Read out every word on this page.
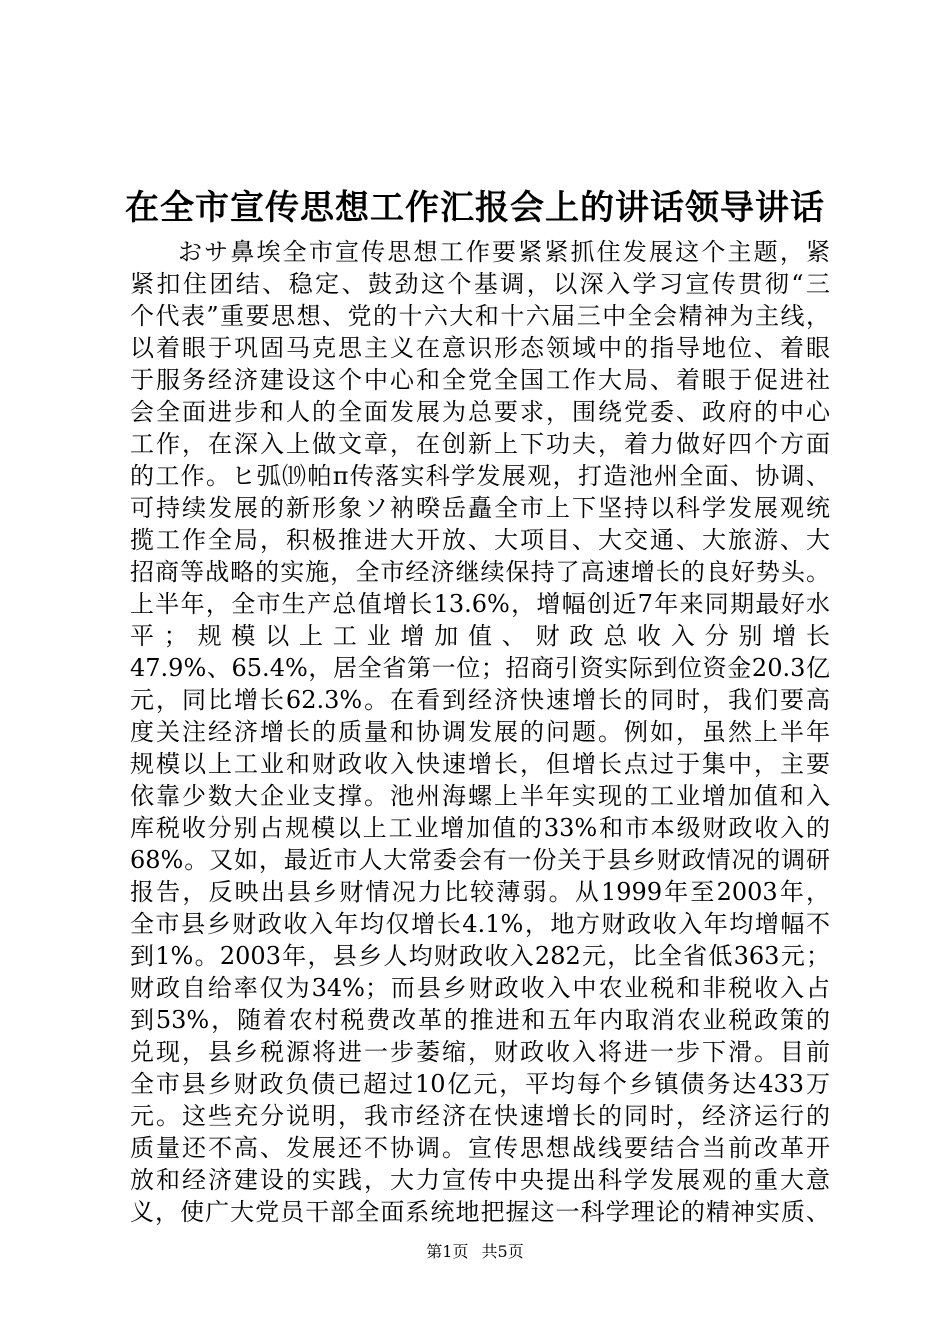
在全市宣传思想工作汇报会上的讲话领导讲话
おサ鼻埃全市宣传思想工作要紧紧抓住发展这个主题，紧
紧扣住团结、稳定、鼓劲这个基调，以深入学习宣传贯彻“三
个代表”重要思想、党的十六大和十六届三中全会精神为主线，
以着眼于巩固马克思主义在意识形态领域中的指导地位、着眼
于服务经济建设这个中心和全党全国工作大局、着眼于促进社
会全面进步和人的全面发展为总要求，围绕党委、政府的中心
工作，在深入上做文章，在创新上下功夫，着力做好四个方面
的工作。ヒ弧⒆帕π传落实科学发展观，打造池州全面、协调、
可持续发展的新形象ソ衲暌岳矗全市上下坚持以科学发展观统
揽工作全局，积极推进大开放、大项目、大交通、大旅游、大
招商等战略的实施，全市经济继续保持了高速增长的良好势头。
上半年，全市生产总值增长13.6%，增幅创近7年来同期最好水
平；规模以上工业增加值、财政总收入分别增长
47.9%、65.4%，居全省第一位；招商引资实际到位资金20.3亿
元，同比增长62.3%。在看到经济快速增长的同时，我们要高
度关注经济增长的质量和协调发展的问题。例如，虽然上半年
规模以上工业和财政收入快速增长，但增长点过于集中，主要
依靠少数大企业支撑。池州海螺上半年实现的工业增加值和入
库税收分别占规模以上工业增加值的33%和市本级财政收入的
68%。又如，最近市人大常委会有一份关于县乡财政情况的调研
报告，反映出县乡财情况力比较薄弱。从1999年至2003年，
全市县乡财政收入年均仅增长4.1%，地方财政收入年均增幅不
到1%。2003年，县乡人均财政收入282元，比全省低363元；
财政自给率仅为34%；而县乡财政收入中农业税和非税收入占
到53%，随着农村税费改革的推进和五年内取消农业税政策的
兑现，县乡税源将进一步萎缩，财政收入将进一步下滑。目前
全市县乡财政负债已超过10亿元，平均每个乡镇债务达433万
元。这些充分说明，我市经济在快速增长的同时，经济运行的
质量还不高、发展还不协调。宣传思想战线要结合当前改革开
放和经济建设的实践，大力宣传中央提出科学发展观的重大意
义，使广大党员干部全面系统地把握这一科学理论的精神实质、
第1页 共5页
